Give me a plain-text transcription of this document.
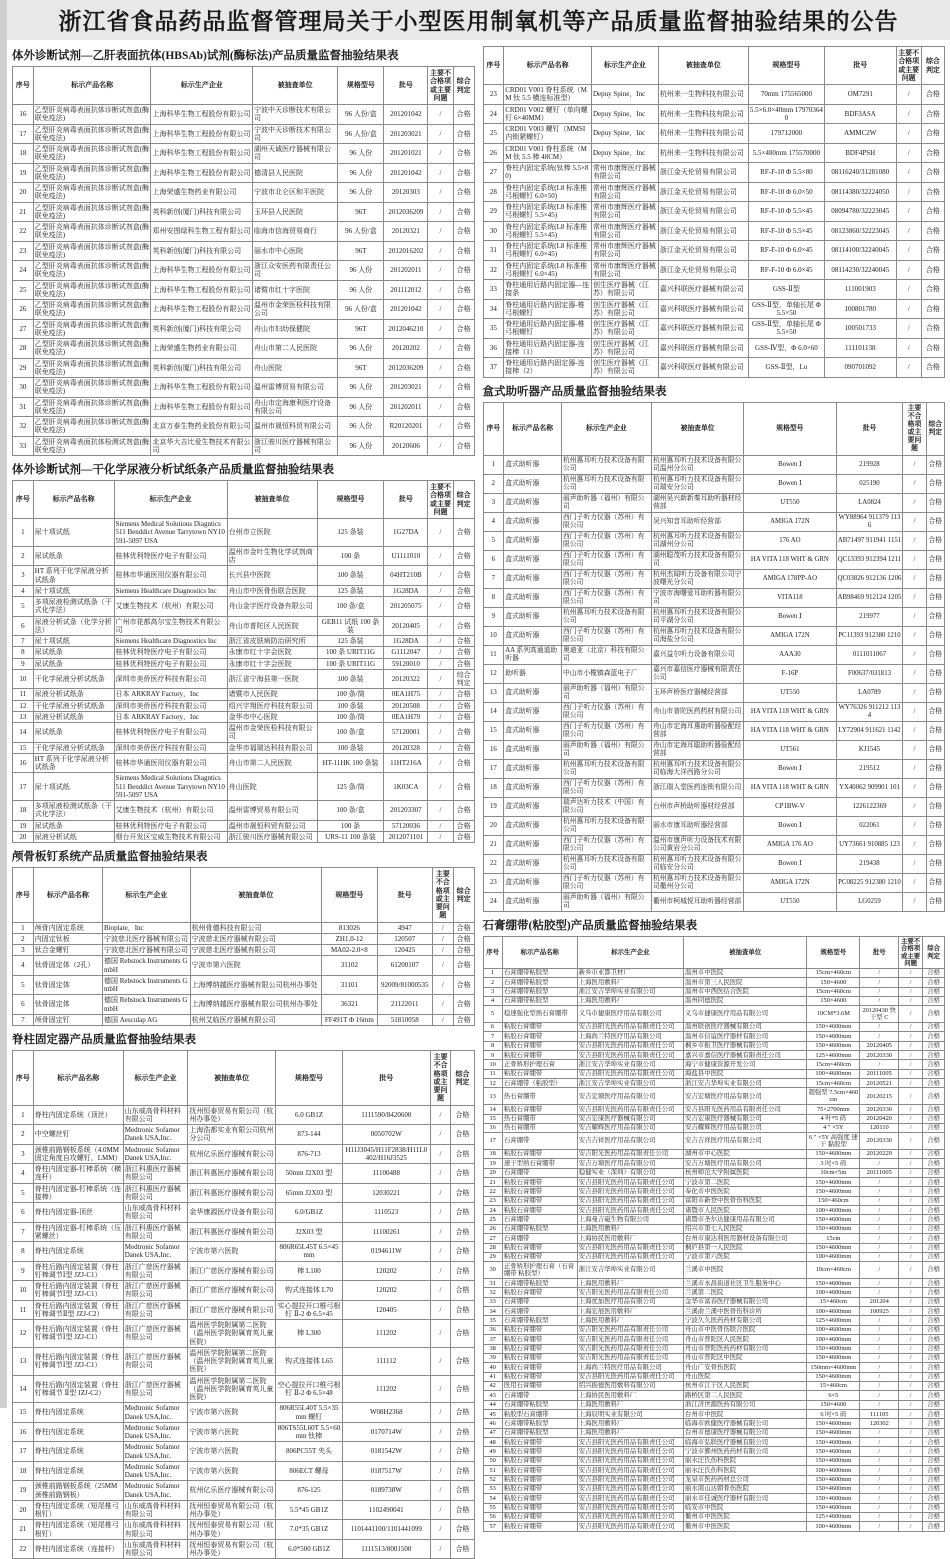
浙江省食品药品监督管理局关于小型医用制氧机等产品质量监督抽验结果的公告
体外诊断试剂—乙肝表面抗体(HBSAb)试剂(酶标法)产品质量监督抽验结果表
序号	标示产品名称	标示生产企业	被抽查单位	规格型号	批号	主要不合格项或主要问题	综合判定
16	乙型肝炎病毒表面抗体诊断试剂盒(酶联免疫法)	上海科华生物工程股份有限公司	宁波中天诊断技术有限公司	96 人份/盒	201201042	/	合格
17	乙型肝炎病毒表面抗体诊断试剂盒(酶联免疫法)	上海科华生物工程股份有限公司	宁波中天诊断技术有限公司	96 人份/盒	201203021	/	合格
18	乙型肝炎病毒表面抗体诊断试剂盒(酶联免疫法)	上海科华生物工程股份有限公司	湖州天诚医疗器械有限公司	96 人份	201201021	/	合格
19	乙型肝炎病毒表面抗体诊断试剂盒(酶联免疫法)	上海科华生物工程股份有限公司	德清县人民医院	96 人份	201201042	/	合格
20	乙型肝炎病毒表面抗体诊断试剂盒(酶联免疫法)	上海荣盛生物药业有限公司	宁波市北仑区和平医院	96 人份	20120303	/	合格
21	乙型肝炎病毒表面抗体诊断试剂盒(酶联免疫法)	英科新创(厦门)科技有限公司	玉环县人民医院	96T	2012036209	/	合格
22	乙型肝炎病毒表面抗体诊断试剂盒(酶联免疫法)	郑州安图绿科生物工程有限公司	临海市信海贸易商行	96 人份/盒	20120321	/	合格
23	乙型肝炎病毒表面抗体诊断试剂盒(酶联免疫法)	英科新创(厦门)科技有限公司	丽水市中心医院	96T	2012016202	/	合格
24	乙型肝炎病毒表面抗体诊断试剂盒(酶联免疫法)	上海科华生物工程股份有限公司	浙江众安医药有限责任公司	96 人份	201202011	/	合格
25	乙型肝炎病毒表面抗体诊断试剂盒(酶联免疫法)	上海科华生物工程股份有限公司	诸暨市红十字医院	96 人份	201112012	/	合格
26	乙型肝炎病毒表面抗体诊断试剂盒(酶联免疫法)	上海科华生物工程股份有限公司	温州市金荣医检科技有限公司	96 人份/盒	201201042	/	合格
27	乙型肝炎病毒表面抗体诊断试剂盒(酶联免疫法)	英科新创(厦门)科技有限公司	舟山市妇幼保健院	96T	2012046210	/	合格
28	乙型肝炎病毒表面抗体诊断试剂盒(酶联免疫法)	上海荣盛生物药业有限公司	舟山市第二人民医院	96 人份	20120202	/	合格
29	乙型肝炎病毒表面抗体诊断试剂盒(酶联免疫法)	英科新创(厦门)科技有限公司	舟山医院	96T	2012036209	/	合格
30	乙型肝炎病毒表面抗体诊断试剂盒(酶联免疫法)	上海科华生物工程股份有限公司	温州雷博贸易有限公司	96 人份	201203021	/	合格
31	乙型肝炎病毒表面抗体诊断试剂盒(酶联免疫法)	上海科华生物工程股份有限公司	舟山市定海康利医疗设备有限公司	96 人份	201202011	/	合格
32	乙型肝炎病毒表面抗体诊断试剂盒(酶联免疫法)	北京万泰生物药业股份有限公司	温州市晟恒科贸有限公司	96 人份	R20120201	/	合格
33	乙型肝炎病毒表面抗体检测试剂盒(酶联免疫法)	北京华大吉比爱生物技术有限公司	浙江骏川医疗器械有限公司	96 人份	20120606	/	合格
体外诊断试剂—干化学尿液分析试纸条产品质量监督抽验结果表
序号	标示产品名称	标示生产企业	被抽查单位	规格型号	批号	主要不合格项或主要问题	综合判定
1	尿十项试纸	Siemens Medical Solutions Diagntics 511 Benddict Avenue Tarrytown NY10591-5097 USA	台州市立医院	125 条装	1G27DA	/	合格
2	尿试纸条	桂林优利特医疗电子有限公司	温州市金叶生物化学试剂商店	100 条	U1111010	/	合格
3	HT 系列干化学尿液分析试纸条	桂林市华通医用仪器有限公司	长兴县中医院	100 条装	04HT210B	/	合格
4	尿十项试纸	Siemens Healthcare Diagnostics Inc	舟山市中医骨伤联合医院	125 条装	1G28DA	/	合格
5	多项尿液检测试纸条（干式化学法）	艾康生物技术（杭州）有限公司	舟山金宇医疗设备有限公司	100 条/盒	201205075	/	合格
6	尿液分析试条（化学分析法）	广州市花都高尔宝生物技术有限公司	舟山市普陀区人民医院	GEB11 试纸 100 条装	20120405	/	合格
7	尿十项试纸	Siemens Healthcare Diagnostics Inc	浙江省皮肤病防治研究所	125 条装	1G28DA	/	合格
8	尿试纸条	桂林优利特医疗电子有限公司	永康市红十字会医院	100 条 URIT11G	G1112047	/	合格
9	尿试纸条	桂林优利特医疗电子有限公司	永康市红十字会医院	100 条 URIT11G	59120010	/	合格
10	干化学尿液分析试纸条	深圳市美侨医疗科技有限公司	浙江省宁海县第一医院	100 条装	20120322	/	综合判定
11	尿液分析试纸条	日本 ARKRAY Factory，Inc	诸暨市人民医院	100 条/筒	0EA1H75	/	合格
12	干化学尿液分析试纸条	深圳市美侨医疗科技有限公司	绍兴宇翔医疗科技有限公司	100 条装	20120508	/	合格
13	尿液分析试纸条	日本 ARKRAY Factory，Inc	金华市中心医院	100 条/筒	0EA1H79	/	合格
14	尿试纸条	桂林优利特医疗电子有限公司	温州市金荣医检科技有限公司	100 条/盒	57120001	/	合格
15	干化学尿液分析试纸条	深圳市美侨医疗科技有限公司	金华市福瑞达科技有限公司	100 条装	20120328	/	合格
16	HT 系列干化学尿液分析试纸条	桂林市华通医用仪器有限公司	舟山市第二人民医院	HT-11HK 100 条装	11HT216A	/	合格
17	尿十项试纸	Siemens Medical Solutions Diagntics 511 Benddict Avenue Tarrytown NY10591-5097 USA	舟山医院	125 条/筒	1K03CA	/	合格
18	多项尿液检测试纸条（干式化学法）	艾康生物技术（杭州）有限公司	温州雷博贸易有限公司	100 条/盒	201203307	/	合格
19	尿试纸条	桂林优利特医疗电子有限公司	温州市晟恒科贸有限公司	100 条	57120036	/	合格
20	尿液分析试纸	烟台开发区宝威生物技术有限公司	浙江骏川医疗器械有限公司	URS-11 100 条装	2012071101	/	合格
颅骨板钉系统产品质量监督抽验结果表
序号	标示产品名称	标示生产企业	被抽查单位	规格型号	批号	主要不合格项或主要问题	综合判定
1	颅骨内固定系统	Bioplate，Inc	杭州骨德科技有限公司	813026	4947	/	合格
2	内固定钛板	宁波慈北医疗器械有限公司	宁波慈北医疗器械有限公司	ZH1.0-12	120507	/	合格
3	钛合金螺钉	宁波慈北医疗器械有限公司	宁波慈北医疗器械有限公司	MA02-2.0×8	120425	/	合格
4	钛骨固定体（2孔）	德国 Rebstock Instruments GmbH	宁波市第六医院	31102	61200107	/	合格
5	钛骨固定体	德国 Rebstock Instruments GmbH	上海博纳越医疗器械有限公司杭州办事处	31101	92009/81000535	/	合格
6	钛骨固定体	德国 Rebstock Instruments GmbH	上海博纳越医疗器械有限公司杭州办事处	36321	21122011	/	合格
7	颅骨固定钉	德国 Aesculap AG	杭州艾临医疗器械有限公司	FF491T Φ 16mm	51810058	/	合格
脊柱固定器产品质量监督抽验结果表
序号	标示产品名称	标示生产企业	被抽查单位	规格型号	批号	主要不合格项或主要问题	综合判定
1	脊柱内固定系统（顶丝）	山东威高骨科材料有限公司	抚州恒泰贸易有限公司（杭州办事处）	6.0 GB1Z	1111590/8420600	/	合格
2	中空螺丝钉	Medtronic Sofamor Danek USA,Inc.	上海浩都实业有限公司杭州分公司	873-144	0050702W	/	合格
3	颈椎前路钢板系统（4.0MM 固定角度自攻螺钉，LMM）	Medtronic Sofamor Danek USA,Inc.	杭州亿乐医疗器械有限公司	876-713	H11J3045/H11F2838/H11L0402/H16J3525	/	合格
4	脊柱内固定器-钉棒系统（横连杆）	浙江科惠医疗器械有限公司	浙江科惠医疗器械有限公司	50mm J2X03 型	11100488	/	合格
5	脊柱内固定器-钉棒系统（连接棒）	浙江科惠医疗器械有限公司	浙江科惠医疗器械有限公司	65mm J2X03 型	12030221	/	合格
6	脊柱内固定器-顶丝	山东威高骨科材料有限公司	金华康源医疗设备有限公司	6.0/GB1Z	1110523	/	合格
7	脊柱内固定器-钉棒系统（压紧螺丝）	浙江科惠医疗器械有限公司	浙江科惠医疗器械有限公司	J2X03 型	11100261	/	合格
8	脊柱内固定系统	Medtronic Sofamor Danek USA,Inc.	宁波市第六医院	806R65L45T 6.5×45mm	0194611W	/	合格
9	脊柱后路内固定装置（脊柱钉棒调节Ⅰ型 JZJ-C1）	浙江广慈医疗器械有限公司	浙江广慈医疗器械有限公司	棒 L100	120202	/	合格
10	脊柱后路内固定装置（脊柱钉棒调节Ⅰ型 JZJ-C1）	浙江广慈医疗器械有限公司	浙江广慈医疗器械有限公司	钩式连接体 L70	120202	/	合格
11	脊柱后路内固定装置（脊柱钉棒调节Ⅱ型 JZJ-C2）	浙江广慈医疗器械有限公司	浙江广慈医疗器械有限公司	实心提拉开口椎弓根钉 Ⅱ-2 Φ 6.5×45	120405	/	合格
12	脊柱后路内固定装置（脊柱钉棒调节Ⅰ型 JZJ-C1）	浙江广慈医疗器械有限公司	温州医学院附属第二医院（温州医学院附属育英儿童医院）	棒 L300	111202	/	合格
13	脊柱后路内固定装置（脊柱钉棒调节Ⅰ型 JZJ-C1）	浙江广慈医疗器械有限公司	温州医学院附属第二医院（温州医学院附属育英儿童医院）	钩式连接体 L65	111112	/	合格
14	脊柱后路内固定装置（脊柱钉棒调节 Ⅱ型 JZJ-C2）	浙江广慈医疗器械有限公司	温州医学院附属第二医院（温州医学院附属育英儿童医院）	空心提拉开口椎弓根钉 Ⅱ-2 Φ 6.5×48	111202	/	合格
15	脊柱内固定系统	Medtronic Sofamor Danek USA,Inc.	宁波市第六医院	806R55L40T 5.5×35mm 螺钉	W08H2368	/	合格
16	脊柱内固定系统	Medtronic Sofamor Danek USA,Inc.	宁波市第六医院	806TS55L60T 5.5×60mm 钛棒	0170714W	/	合格
17	脊柱内固定系统	Medtronic Sofamor Danek USA,Inc.	宁波市第六医院	806PC55T 夹头	0181542W	/	合格
18	脊柱内固定系统	Medtronic Sofamor Danek USA,Inc.	宁波市第六医院	806ECT 螺母	0187517W	/	合格
19	颈椎前路钢板系统（25MM 颈椎前路钢板）	Medtronic Sofamor Danek USA,Inc.	杭州亿乐医疗器械有限公司	876-125	0189738W	/	合格
20	脊柱内固定系统（短尾椎弓根钉）	山东威高骨科材料有限公司	抚州恒泰贸易有限公司（杭州办事处）	5.5*45 GB1Z	1102490041	/	合格
21	脊柱内固定系统（短尾椎弓根钉）	山东威高骨科材料有限公司	抚州恒泰贸易有限公司（杭州办事处）	7.0*35 GB1Z	1101441100/1101441099	/	合格
22	脊柱内固定系统（连接杆）	山东威高骨科材料有限公司	抚州恒泰贸易有限公司（杭州办事处）	6.0*500 GB1Z	1111513/8001500	/	合格
序号	标示产品名称	标示生产企业	被抽查单位	规格型号	批号	主要不合格项或主要问题	综合判定
23	CRD01 V001 脊柱系统（MM 钛 5.5 横连标准型）	Depuy Spine，Inc	杭州来一生物科技有限公司	70mm 175565000	OM7291	/	合格
24	CRD01 V002 螺钉（单向螺钉 6×40MM）	Depuy Spine，Inc	杭州来一生物科技有限公司	5.5×6.0×40mm 179703640	BDF3ASA	/	合格
25	CRD01 V003 螺钉（MMSI 内锁紧螺钉）	Depuy Spine，Inc	杭州来一生物科技有限公司	179712000	AMMC2W	/	合格
26	CRD01 V001 脊柱系统（MM 钛 5.5 棒 48CM）	Depuy Spine，Inc	杭州来一生物科技有限公司	5.5×480mm 175570000	BDF4PSH	/	合格
27	脊柱内固定系统(钛棒 5.5×80)	常州市康辉医疗器械有限公司	浙江金天伦贸易有限公司	RF-F-10 Φ 5.5×80	08116240/31281080	/	合格
28	脊柱内固定系统(L8 标准椎弓根螺钉 6.0×50)	常州市康辉医疗器械有限公司	浙江金天伦贸易有限公司	RF-F-10 Φ 6.0×50	08114380/32224050	/	合格
29	脊柱内固定系统(L8 标准椎弓根螺钉 5.5×45)	常州市康辉医疗器械有限公司	浙江金天伦贸易有限公司	RF-F-10 Φ 5.5×45	08094780/32223045	/	合格
30	脊柱内固定系统(L8 标准椎弓根螺钉 5.5×45)	常州市康辉医疗器械有限公司	浙江金天伦贸易有限公司	RF-F-10 Φ 5.5×45	08123860/32223045	/	合格
31	脊柱内固定系统(L8 标准椎弓根螺钉 6.0×45)	常州市康辉医疗器械有限公司	浙江金天伦贸易有限公司	RF-F-10 Φ 6.0×45	08114100/32240045	/	合格
32	脊柱内固定系统(L8 标准椎弓根螺钉 6.0×45)	常州市康辉医疗器械有限公司	浙江金天伦贸易有限公司	RF-F-10 Φ 6.0×45	08114230/32240045	/	合格
33	脊柱通用后路内固定器—连接条	创生医疗器械（江苏）有限公司	嘉兴科联医疗器械有限公司	GSS-Ⅱ型	111001903	/	合格
34	脊柱通用后路内固定器-椎弓根螺钉	创生医疗器械（江苏）有限公司	嘉兴科联医疗器械有限公司	GSS-Ⅱ型，单轴长尾 Φ 5.5×50	100801780	/	合格
35	脊柱通用后路内固定器-椎弓根螺钉	创生医疗器械（江苏）有限公司	嘉兴科联医疗器械有限公司	GSS-Ⅱ型，单轴长尾 Φ 5.5×50	100501733	/	合格
36	脊柱通用后路内固定器-连接棒（1）	创生医疗器械（江苏）有限公司	嘉兴科联医疗器械有限公司	GSS-Ⅳ型，Φ 6.0×60	111101138	/	合格
37	脊柱通用后路内固定器-连接棒（2）	创生医疗器械（江苏）有限公司	嘉兴科联医疗器械有限公司	GSS-Ⅱ型，Lu	090701092	/	合格
盒式助听器产品质量监督抽验结果表
序号	标示产品名称	标示生产企业	被抽查单位	规格型号	批号	主要不合格项或主要问题	综合判定
1	盒式助听器	杭州惠耳听力技术设备有限公司	杭州惠耳听力技术设备有限公司温州分公司	Bowen Ⅰ	219928	/	合格
2	盒式助听器	杭州惠耳听力技术设备有限公司	杭州惠耳听力技术设备有限公司瑞安分公司	Bowen Ⅰ	025190	/	合格
3	盒式助听器	丽声助听器（福州）有限公司	湖州吴兴新新秦耳助听器材经营部	UT550	LA0824	/	合格
4	盒式助听器	西门子听力仪器（苏州）有限公司	吴兴知音耳助听经营部	AMIGA 172N	WY88964 911379 1136	/	合格
5	盒式助听器	西门子听力仪器（苏州）有限公司	杭州惠耳听力技术设备有限公司湖州分公司	176 AO	AB71497 911941 1151	/	合格
6	盒式助听器	西门子听力仪器（苏州）有限公司	湖州聪茂听力技术设备有限公司	HA VITA 118 WHT & GRN	QC13393 912394 1211	/	合格
7	盒式助听器	西门子听力仪器（苏州）有限公司	杭州杰闻听力设备有限公司宁波曙光分公司	AMIGA 178PP-AO	QC03826 912136 1206	/	合格
8	盒式助听器	西门子听力仪器（苏州）有限公司	宁波市海曙爱耳助听器有限公司	VITA118	AB98469 912124 1205	/	合格
9	盒式助听器	杭州惠耳听力技术设备有限公司	杭州惠耳听力技术设备有限公司平湖分公司	Bowen Ⅰ	219977	/	合格
10	盒式助听器	西门子听力仪器（苏州）有限公司	杭州惠耳听力技术设备有限公司海盐分公司	AMIGA 172N	PC11393 912380 1210	/	合格
11	AA 系列高通道助听器	奥迪亚（北京）科技有限公司	嘉兴益尔听力设备有限公司	AAA30	0111011067	/	合格
12	助听器	中山市小榄镇森蓝电子厂	嘉兴市嘉信医疗器械有限责任公司	F-16P	F00637/031813	/	合格
13	盒式助听器	丽声助听器（福州）有限公司	玉环声桥医疗器械经营部	UT550	LA0789	/	合格
14	盒式助听器	西门子听力仪器（苏州）有限公司	舟山市普陀医药药材有限公司	HA VITA 118 WHT & GRN	WY76326 911212 1134	/	合格
15	盒式助听器	西门子听力仪器（苏州）有限公司	舟山市定海耳惠助听器验配经营部	HA VITA 118 WHT & GRN	LY72904 911621 1142	/	合格
16	盒式助听器	丽声助听器（福州）有限公司	舟山市定海耳聪助听器验配经营部	UT561	KJ1545	/	合格
17	盒式助听器	杭州惠耳听力技术设备有限公司	杭州惠耳听力技术设备有限公司临海大洋西路分公司	Bowen Ⅰ	219512	/	合格
18	盒式助听器	西门子听力仪器（苏州）有限公司	浙江瑞人堂医药连锁有限公司	HA VITA 118 WHT & GRN	YX40062 909901 101	/	合格
19	盒式助听器	瑞声达听力技术（中国）有限公司	台州市声桥助听器材经营部	CP1BW-V	1226122369	/	合格
20	盒式助听器	杭州惠耳听力技术设备有限公司	丽水市康耳助听器经营部	Bowen Ⅰ	022061	/	合格
21	盒式助听器	西门子听力仪器（苏州）有限公司	温州市康声听力设备技术有限公司黄岩分公司	AMIGA 176 AO	UY73661 910885 123	/	合格
22	盒式助听器	杭州惠耳听力技术设备有限公司	杭州惠耳听力技术设备有限公司临安分公司	Bowen Ⅰ	219438	/	合格
23	盒式助听器	西门子听力仪器（苏州）有限公司	杭州惠耳听力技术设备有限公司衢州分公司	AMIGA 172N	PC08225 912380 1210	/	合格
24	盒式助听器	丽声助听器（福州）有限公司	衢州市柯城悦耳助听器经营部	UT550	LG0259	/	合格
石膏绷带(粘胶型)产品质量监督抽验结果表
序号	标示产品名称	标示生产企业	被抽查单位	规格型号	批号	主要不合格项或主要问题	综合判定
1	石膏绷带粘胶型	新乡市亚都卫材厂	温州市中医院	15cm×460cm	/	/	合格
2	石膏绷带粘胶型	上海医用敷料厂	温州市第三人民医院	150×4600	/	/	合格
3	石膏绷带粘胶型	浙江安吉华埠实业有限公司	温州市中西医结合医院	15cm×460cm	/	/	合格
4	石膏绷带粘胶型	上海医用敷料厂	温州同德医院	150×4600	/	/	合格
5	稳速强化型熟石膏绷带	义乌市捷康医疗用品有限公司	义乌市捷康医疗用品有限公司	10CM*3.6M	20120430 快干型 C	/	合格
6	粘胶石膏绷带	安吉县阳光医药用品有限责任公司	温州联创医疗器械有限公司	150×4600mm	/	/	合格
7	粘胶石膏绷带	上海尚兰特医疗用品有限公司	温州市信谊医疗器材有限公司	150×4600mm	/	/	合格
8	粘胶石膏绷带	安吉县阳光医药用品有限责任公司	桐乡市振卫医疗器械有限公司	150×4600mm	20120405	/	合格
9	粘胶石膏绷带	安吉县阳光医药用品有限责任公司	嘉兴市嘉信医疗器械有限责任公司	125×4600mm	20120330	/	合格
10	正骨矫形护理石膏	浙江安吉华埠实业有限公司	海宁市健康资源开发公司	15cm×460cm	/	/	合格
11	粘胶石膏绷带	安吉县阳光医药用品有限责任公司	海盐县中医院	100×4600mm	20111005	/	合格
12	石膏绷带（粘胶型）	浙江安吉华埠实业有限公司	浙江安吉华埠实业有限公司	15cm×460cm	20120521	/	合格
13	热石膏绷带	安吉宏塘医疗用品有限公司	安吉宏塘医疗用品有限公司	超强型 7.5cm×460cm	20120215	/	合格
14	粘胶石膏绷带	安吉县阳光医药用品有限责任公司	安吉县阳光医药用品有限责任公司	75×2700mm	20120330	/	合格
15	热石膏绷带	安吉宏康医疗器械有限公司	安吉宏康医疗器械有限公司	4 叶*5 码	20120420	/	合格
16	热石膏绷带	安吉耀辉医疗用品有限公司	安吉耀辉医疗用品有限公司	4 " ×5Y	120110	/	合格
17	石膏绷带	安吉吉祥医疗用品有限公司	安吉吉祥医疗用品有限公司	6 " ×5Y 高强度 速干 黏胶型	20120330	/	合格
18	粘胶石膏绷带	安吉阳光医药用品有限责任公司	湖州市中心医院	150×4600mm	20120229	/	合格
19	速干型熟石膏绷带	安吉万塘医疗用品有限公司	安吉万塘医疗用品有限公司	3 吋×5 码	/	/	合格
20	石膏绷带	稳健实业（深圳）有限公司	杭州师范大学附属医院	10cm×5m	20111005	/	合格
21	粘胶石膏绷带	安吉县阳光医药用品有限责任公司	宁波市第二医院	150×4600mm	/	/	合格
22	粘胶石膏绷带	安吉县阳光医药用品有限责任公司	奉化市中医医院	150×4600mm	/	/	合格
23	粘胶石膏绷带	安吉县阳光医药用品有限责任公司	富阳市新登中医骨伤科医院	150×460cm	/	/	合格
24	粘胶石膏绷带	安吉县阳光医药用品有限责任公司	诸暨市人民医院	100×4600mm	/	/	合格
25	石膏绷带	上海曼吉磁生物有限公司	诸暨市圣尔达健康用品有限公司	150×4600mm	/	/	合格
26	石膏绷带粘胶型	上海医用敷料厂	绍兴市第七人民医院	150×4600mm	/	/	合格
27	石膏绷带	上海协民医用敷料厂	台州市康达利医用器材设备有限公司	15cm	/	/	合格
28	粘胶石膏绷带	安吉县阳光医药用品有限责任公司	桐庐县第一人民医院	150×4600mm	/	/	合格
29	粘胶石膏绷带	安吉县阳光医药用品有限责任公司	宁波市第六医院	100×4600mm	/	/	合格
30	正骨矫形护理石膏（石膏绷带 粘胶型）	浙江安吉华埠实业有限公司	兰溪市中医院	10cm×460cm	/	/	合格
31	石膏绷带粘胶型	上海医用敷料厂	兰溪市永昌街道社区卫生服务中心	150×4600mm	/	/	合格
32	粘胶石膏绷带	安吉阳光医药用品有限责任公司	兰溪第二医院	100×4600mm	/	/	合格
33	石膏绷带	上海优加医疗用品有限公司	金华市富春医疗器械有限公司	15×460cm	201204	/	合格
34	石膏绷带	上海宏展医用敷料厂	兰溪俞兰溪中医骨伤科诊所	100×4600mm	100925	/	合格
35	石膏绷带粘胶型	上海医用敷料厂	宁波久久医药药材有限公司	125×4600mm	/	/	合格
36	粘胶石膏绷带	安吉阳光医药用品有限责任公司	舟山市中医骨伤联合医院	100×4600mm	/	/	合格
37	粘胶石膏绷带	安吉阳光医药用品有限责任公司	舟山市普陀区人民医院	100×4600mm	/	/	合格
38	粘胶石膏绷带	安吉阳光医药用品有限责任公司	舟山市普陀医药药材有限公司	150×4600mm	/	/	合格
39	粘胶石膏绷带	安吉阳光医药用品有限责任公司	舟山市普陀区中医院	150×4600mm	/	/	合格
40	粘胶石膏绷带	上海尚兰特医疗用品有限公司	舟山广安骨伤医院	150mm×4600mm	/	/	合格
41	粘胶石膏绷带	安吉县阳光医药用品有限责任公司	舟山医院	150×4600mm	/	/	合格
42	医用石膏绷带	绍兴振德医用敷料有限公司	杭州市江干区人民医院	15×460cm	/	/	合格
43	石膏绷带	上海协民医用敷料厂	路桥区第二人民医院	6×5	/	/	合格
44	石膏绷带粘胶型	上海医用敷料厂	浙江济世源医药有限公司	150×4600	/	/	合格
45	粘胶型石膏绷带	上海辰明实业有限公司	台州市中医院	6 吋×5 码	111105	/	合格
46	石膏绷带粘胶型	上海医用敷料厂	临海市欧健医疗器械有限公司	150×4600mm	120302	/	合格
47	石膏绷带粘胶型	上海医用敷料厂	台州市德康医疗器械有限公司	150×4600mm	/	/	合格
48	粘胶石膏绷带	安吉县阳光医药用品有限责任公司	临海市弘联医疗器械有限公司	150×4600mm	/	/	合格
49	粘胶石膏绷带	安吉县阳光医药用品有限责任公司	宁波市鄞州医药药材有限公司	150×4600mm	/	/	合格
50	粘胶石膏绷带	安吉县阳光医药用品有限责任公司	丽水汪氏伤科医院	150×4600mm	/	/	合格
51	粘胶石膏绷带	安吉县阳光医药用品有限责任公司	丽水汪氏伤科医院	100×4600mm	/	/	合格
52	粘胶石膏绷带	安吉县阳光医药用品有限责任公司	龙泉市医药药材总公司	150×4600mm	/	/	合格
53	粘胶石膏绷带	安吉县阳光医药用品有限责任公司	丽水南山达朝骨伤医院	150×4600mm	/	/	合格
54	粘胶石膏绷带	安吉县阳光医药用品有限责任公司	丽水市佳诚医疗器材有限公司	150×4600mm	/	/	合格
55	粘胶石膏绷带	安吉县阳光医药用品有限责任公司	临安市中医院	150×4600mm	/	/	合格
56	粘胶石膏绷带	安吉县阳光医药用品有限责任公司	衢州市中医医院	125×4600mm	/	/	合格
57	粘胶石膏绷带	安吉县阳光医药用品有限责任公司	衢州市中医医院	100×4600mm	/	/	合格
